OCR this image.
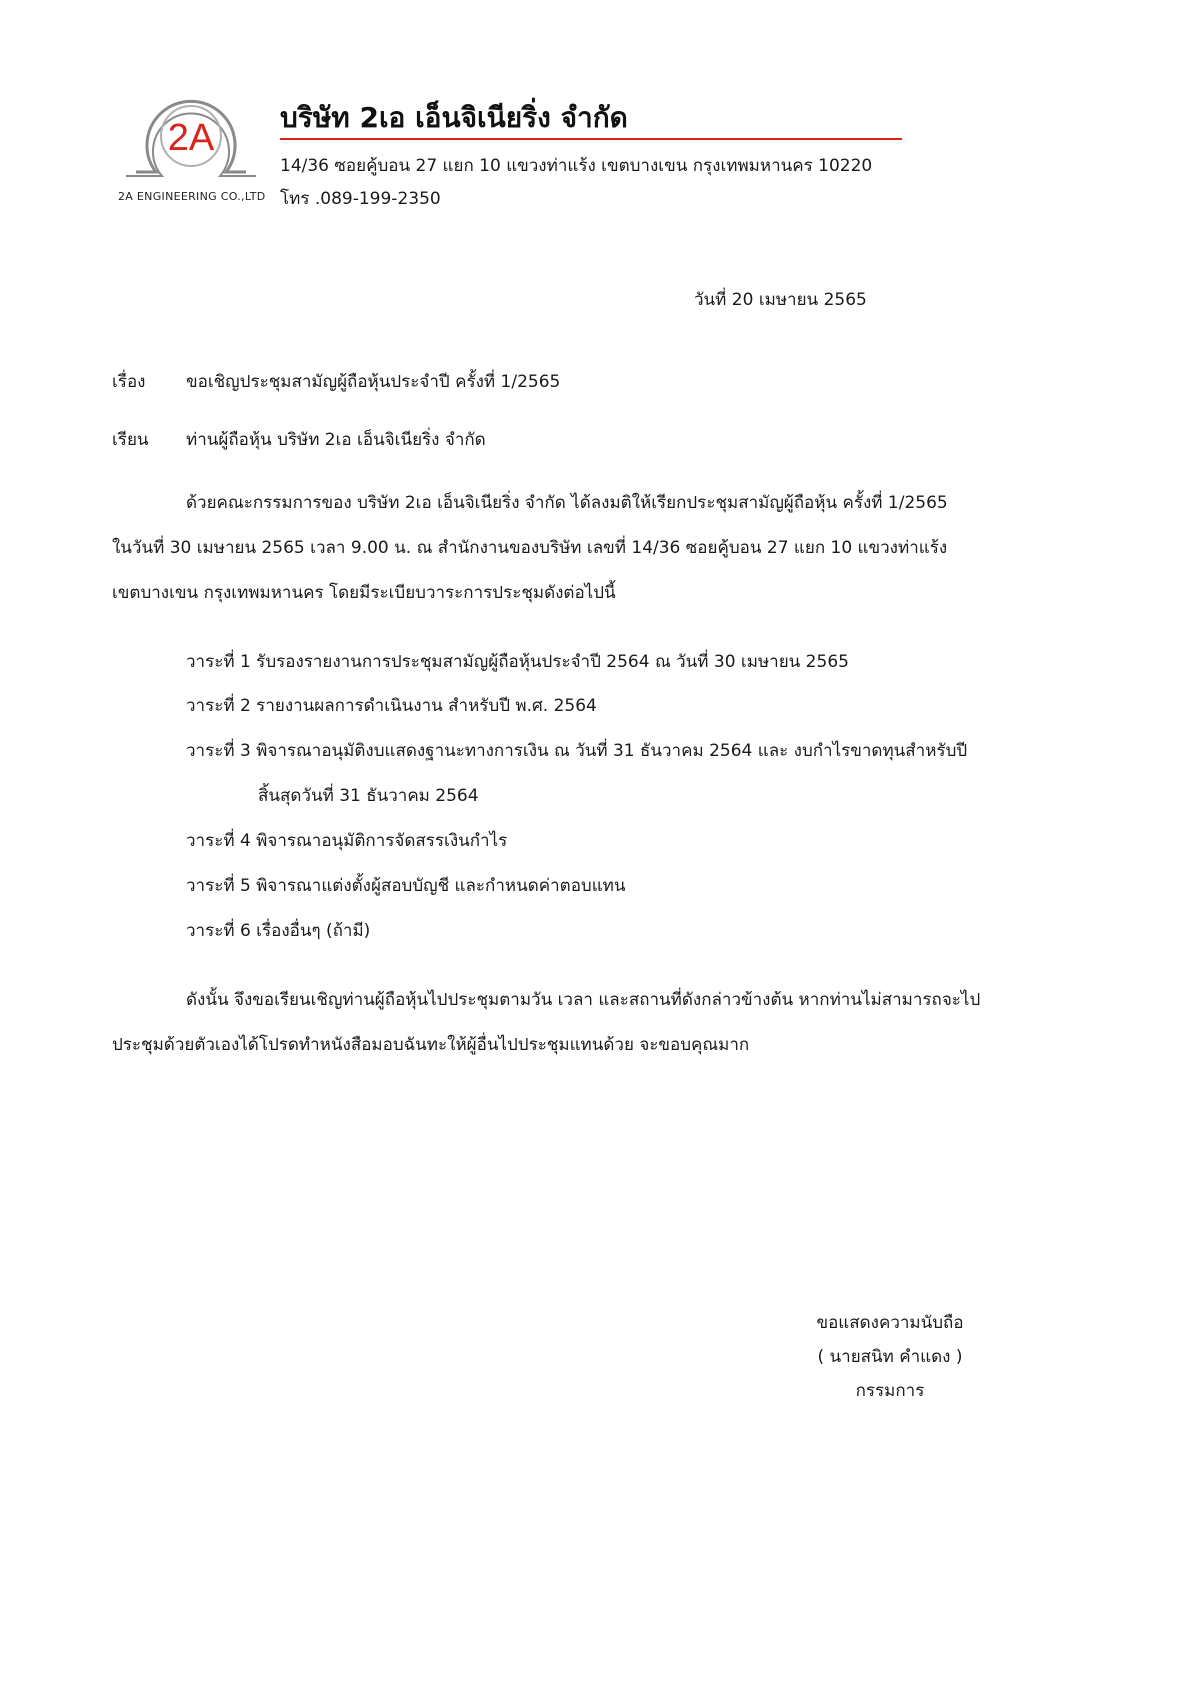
2A
2A ENGINEERING CO.,LTD
บริษัท 2เอ เอ็นจิเนียริ่ง จำกัด
14/36 ซอยคู้บอน 27 แยก 10 แขวงท่าแร้ง เขตบางเขน กรุงเทพมหานคร 10220
โทร .089-199-2350
วันที่ 20 เมษายน 2565
เรื่อง ขอเชิญประชุมสามัญผู้ถือหุ้นประจำปี ครั้งที่ 1/2565
เรียน ท่านผู้ถือหุ้น บริษัท 2เอ เอ็นจิเนียริ่ง จำกัด
ด้วยคณะกรรมการของ บริษัท 2เอ เอ็นจิเนียริ่ง จำกัด ได้ลงมติให้เรียกประชุมสามัญผู้ถือหุ้น ครั้งที่ 1/2565
ในวันที่ 30 เมษายน 2565 เวลา 9.00 น. ณ สำนักงานของบริษัท เลขที่ 14/36 ซอยคู้บอน 27 แยก 10 แขวงท่าแร้ง
เขตบางเขน กรุงเทพมหานคร โดยมีระเบียบวาระการประชุมดังต่อไปนี้
วาระที่ 1 รับรองรายงานการประชุมสามัญผู้ถือหุ้นประจำปี 2564 ณ วันที่ 30 เมษายน 2565
วาระที่ 2 รายงานผลการดำเนินงาน สำหรับปี พ.ศ. 2564
วาระที่ 3 พิจารณาอนุมัติงบแสดงฐานะทางการเงิน ณ วันที่ 31 ธันวาคม 2564 และ งบกำไรขาดทุนสำหรับปี
สิ้นสุดวันที่ 31 ธันวาคม 2564
วาระที่ 4 พิจารณาอนุมัติการจัดสรรเงินกำไร
วาระที่ 5 พิจารณาแต่งตั้งผู้สอบบัญชี และกำหนดค่าตอบแทน
วาระที่ 6 เรื่องอื่นๆ (ถ้ามี)
ดังนั้น จึงขอเรียนเชิญท่านผู้ถือหุ้นไปประชุมตามวัน เวลา และสถานที่ดังกล่าวข้างต้น หากท่านไม่สามารถจะไป
ประชุมด้วยตัวเองได้โปรดทำหนังสือมอบฉันทะให้ผู้อื่นไปประชุมแทนด้วย จะขอบคุณมาก
ขอแสดงความนับถือ
( นายสนิท คำแดง )
กรรมการ
